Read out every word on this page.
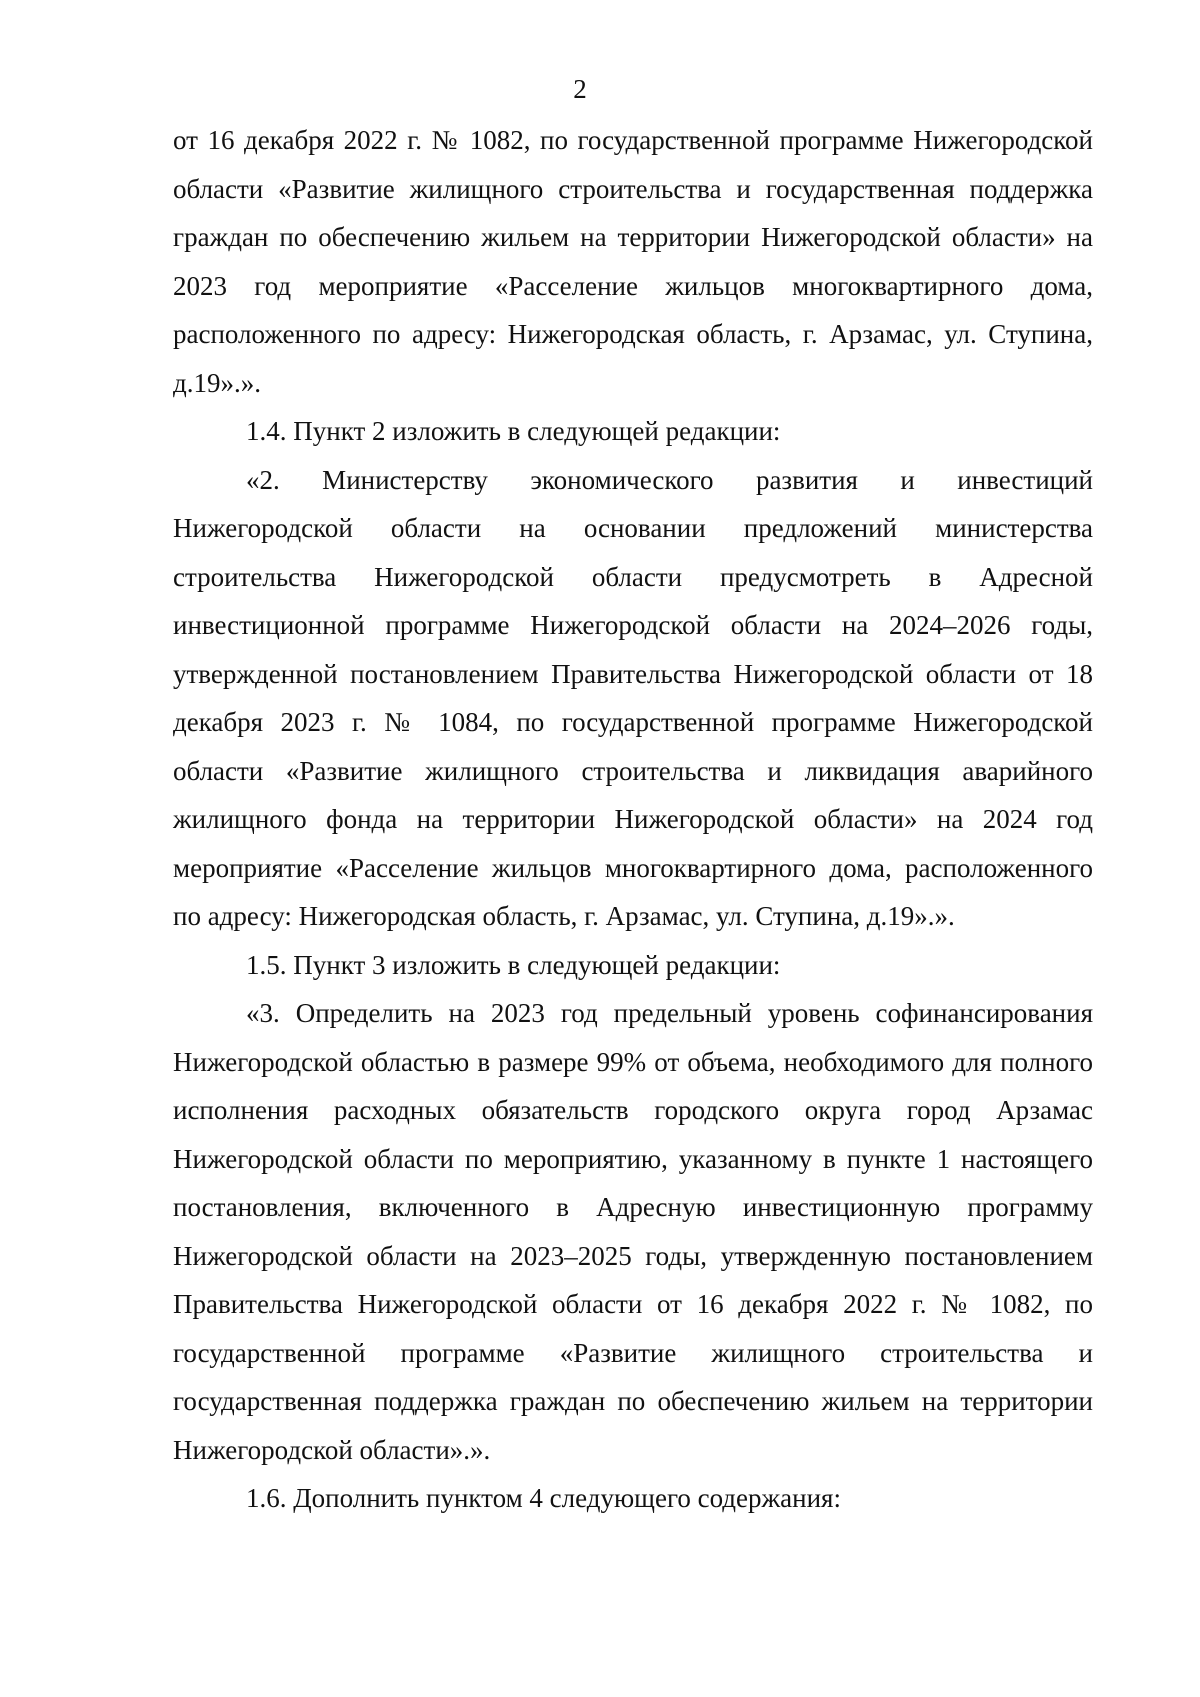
2

от 16 декабря 2022 г. № 1082, по государственной программе Нижегородской области «Развитие жилищного строительства и государственная поддержка граждан по обеспечению жильем на территории Нижегородской области» на 2023 год мероприятие «Расселение жильцов многоквартирного дома, расположенного по адресу: Нижегородская область, г. Арзамас, ул. Ступина, д.19».».

1.4. Пункт 2 изложить в следующей редакции:

«2. Министерству экономического развития и инвестиций Нижегородской области на основании предложений министерства строительства Нижегородской области предусмотреть в Адресной инвестиционной программе Нижегородской области на 2024–2026 годы, утвержденной постановлением Правительства Нижегородской области от 18 декабря 2023 г. № 1084, по государственной программе Нижегородской области «Развитие жилищного строительства и ликвидация аварийного жилищного фонда на территории Нижегородской области» на 2024 год мероприятие «Расселение жильцов многоквартирного дома, расположенного по адресу: Нижегородская область, г. Арзамас, ул. Ступина, д.19».».

1.5. Пункт 3 изложить в следующей редакции:

«3. Определить на 2023 год предельный уровень софинансирования Нижегородской областью в размере 99% от объема, необходимого для полного исполнения расходных обязательств городского округа город Арзамас Нижегородской области по мероприятию, указанному в пункте 1 настоящего постановления, включенного в Адресную инвестиционную программу Нижегородской области на 2023–2025 годы, утвержденную постановлением Правительства Нижегородской области от 16 декабря 2022 г. № 1082, по государственной программе «Развитие жилищного строительства и государственная поддержка граждан по обеспечению жильем на территории Нижегородской области».».

1.6. Дополнить пунктом 4 следующего содержания:
